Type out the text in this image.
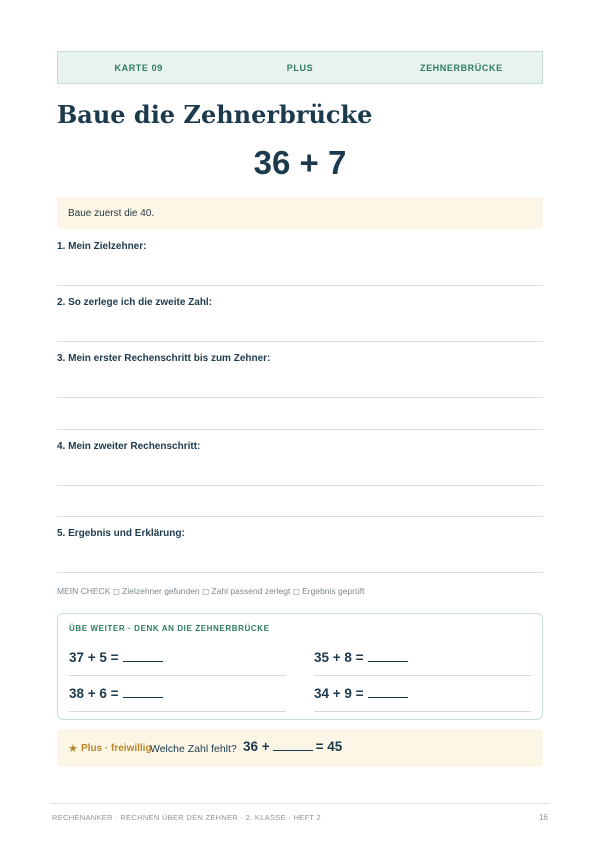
KARTE 09	PLUS	ZEHNERBRÜCKE
Baue die Zehnerbrücke
36 + 7
Baue zuerst die 40.
1. Mein Zielzehner:
2. So zerlege ich die zweite Zahl:
3. Mein erster Rechenschritt bis zum Zehner:
4. Mein zweiter Rechenschritt:
5. Ergebnis und Erklärung:
MEIN CHECK ◻ Zielzehner gefunden ◻ Zahl passend zerlegt ◻ Ergebnis geprüft
ÜBE WEITER · DENK AN DIE ZEHNERBRÜCKE
37 + 5 =	35 + 8 =
38 + 6 =	34 + 9 =
★ Plus · freiwillig
Welche Zahl fehlt? 36 +	= 45
RECHENANKER · RECHNEN ÜBER DEN ZEHNER · 2. KLASSE · HEFT 2	16
